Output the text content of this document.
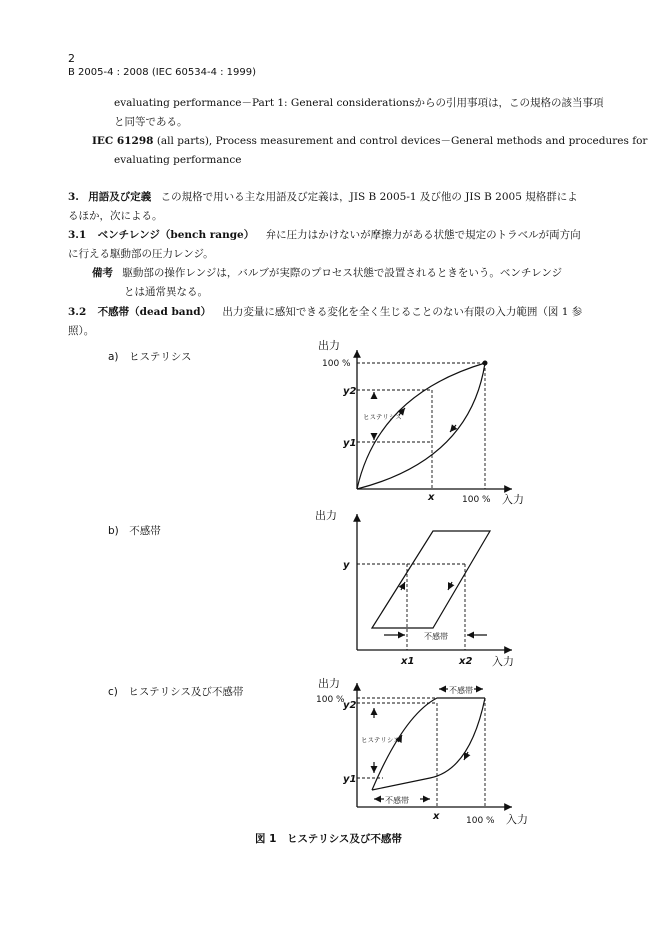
2
B 2005-4 : 2008 (IEC 60534-4 : 1999)
evaluating performance－Part 1: General considerationsからの引用事項は，この規格の該当事項
と同等である。
IEC 61298 (all parts), Process measurement and control devices－General methods and procedures for
evaluating performance
3. 用語及び定義 この規格で用いる主な用語及び定義は，JIS B 2005-1 及び他の JIS B 2005 規格群によ
るほか，次による。
3.1 ベンチレンジ（bench range） 弁に圧力はかけないが摩擦力がある状態で規定のトラベルが両方向
に行える駆動部の圧力レンジ。
備考 駆動部の操作レンジは，バルブが実際のプロセス状態で設置されるときをいう。ベンチレンジ
とは通常異なる。
3.2 不感帯（dead band） 出力変量に感知できる変化を全く生じることのない有限の入力範囲（図 1 参
照）。
a)　ヒステリシス
b)　不感帯
c)　ヒステリシス及び不感帯
出力
入力
100 %
100 %
ヒステリシス
y2
y1
x
出力
入力
不感帯
y
x1	x2
出力
入力
100 %
100 %
ヒステリシス
不感帯
不感帯
y2
y1
x
図 1　ヒステリシス及び不感帯
